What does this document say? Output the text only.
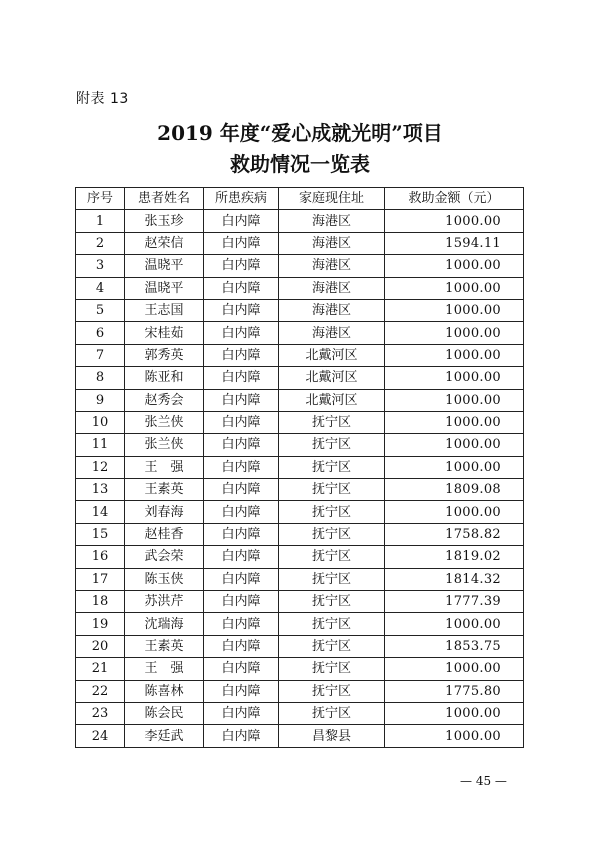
附表 13
2019 年度“爱心成就光明”项目
救助情况一览表
序号	患者姓名	所患疾病	家庭现住址	救助金额（元）
1	张玉珍	白内障	海港区	1000.00
2	赵荣信	白内障	海港区	1594.11
3	温晓平	白内障	海港区	1000.00
4	温晓平	白内障	海港区	1000.00
5	王志国	白内障	海港区	1000.00
6	宋桂茹	白内障	海港区	1000.00
7	郭秀英	白内障	北戴河区	1000.00
8	陈亚和	白内障	北戴河区	1000.00
9	赵秀会	白内障	北戴河区	1000.00
10	张兰侠	白内障	抚宁区	1000.00
11	张兰侠	白内障	抚宁区	1000.00
12	王　强	白内障	抚宁区	1000.00
13	王素英	白内障	抚宁区	1809.08
14	刘春海	白内障	抚宁区	1000.00
15	赵桂香	白内障	抚宁区	1758.82
16	武会荣	白内障	抚宁区	1819.02
17	陈玉侠	白内障	抚宁区	1814.32
18	苏洪芹	白内障	抚宁区	1777.39
19	沈瑞海	白内障	抚宁区	1000.00
20	王素英	白内障	抚宁区	1853.75
21	王　强	白内障	抚宁区	1000.00
22	陈喜林	白内障	抚宁区	1775.80
23	陈会民	白内障	抚宁区	1000.00
24	李廷武	白内障	昌黎县	1000.00
— 45 —
